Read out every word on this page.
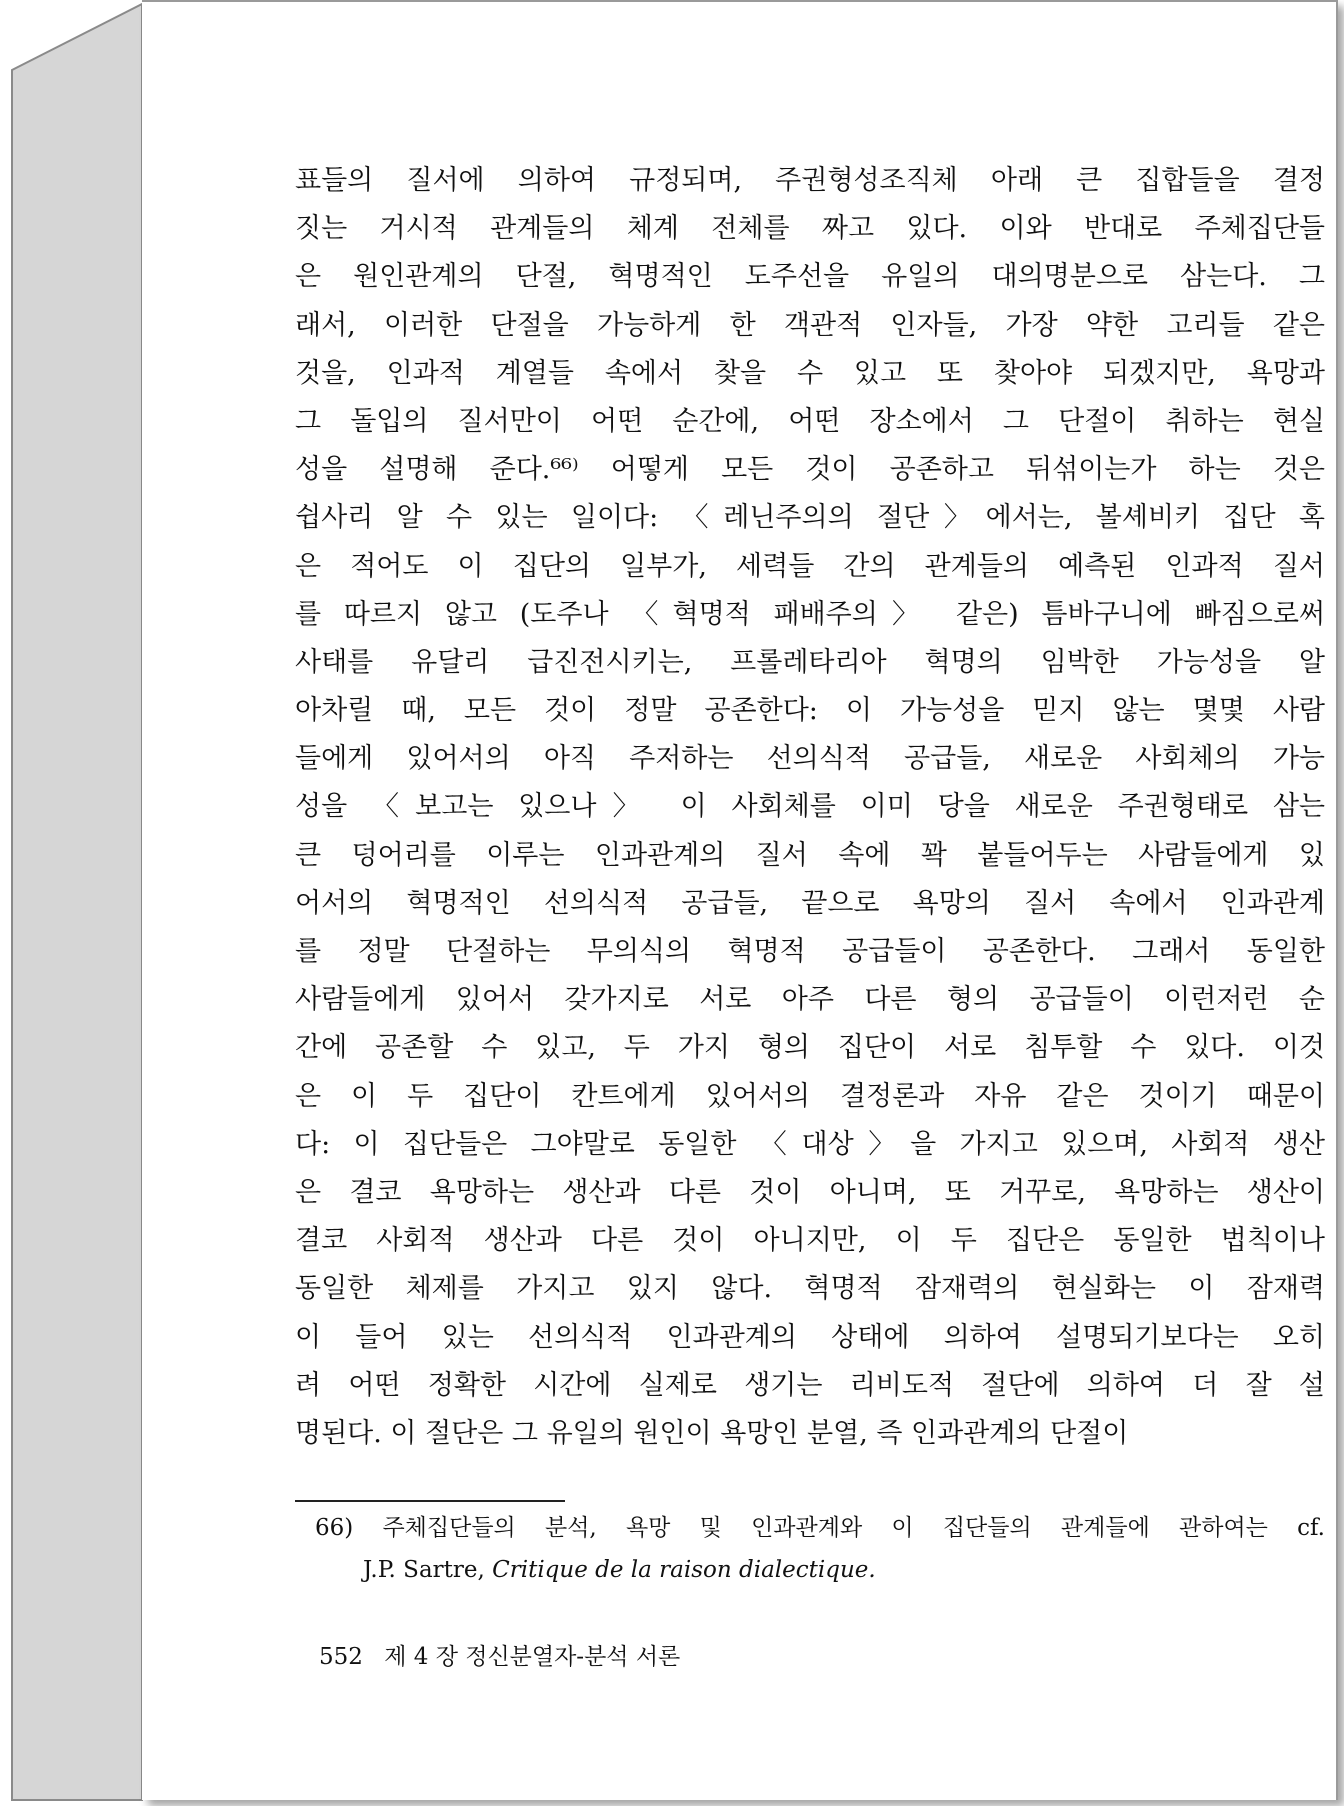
표들의 질서에 의하여 규정되며, 주권형성조직체 아래 큰 집합들을 결정
짓는 거시적 관계들의 체계 전체를 짜고 있다. 이와 반대로 주체집단들
은 원인관계의 단절, 혁명적인 도주선을 유일의 대의명분으로 삼는다. 그
래서, 이러한 단절을 가능하게 한 객관적 인자들, 가장 약한 고리들 같은
것을, 인과적 계열들 속에서 찾을 수 있고 또 찾아야 되겠지만, 욕망과
그 돌입의 질서만이 어떤 순간에, 어떤 장소에서 그 단절이 취하는 현실
성을 설명해 준다.⁶⁶⁾ 어떻게 모든 것이 공존하고 뒤섞이는가 하는 것은
쉽사리 알 수 있는 일이다: 〈레닌주의의 절단〉에서는, 볼셰비키 집단 혹
은 적어도 이 집단의 일부가, 세력들 간의 관계들의 예측된 인과적 질서
를 따르지 않고 (도주나 〈혁명적 패배주의〉 같은) 틈바구니에 빠짐으로써
사태를 유달리 급진전시키는, 프롤레타리아 혁명의 임박한 가능성을 알
아차릴 때, 모든 것이 정말 공존한다: 이 가능성을 믿지 않는 몇몇 사람
들에게 있어서의 아직 주저하는 선의식적 공급들, 새로운 사회체의 가능
성을 〈보고는 있으나〉 이 사회체를 이미 당을 새로운 주권형태로 삼는
큰 덩어리를 이루는 인과관계의 질서 속에 꽉 붙들어두는 사람들에게 있
어서의 혁명적인 선의식적 공급들, 끝으로 욕망의 질서 속에서 인과관계
를 정말 단절하는 무의식의 혁명적 공급들이 공존한다. 그래서 동일한
사람들에게 있어서 갖가지로 서로 아주 다른 형의 공급들이 이런저런 순
간에 공존할 수 있고, 두 가지 형의 집단이 서로 침투할 수 있다. 이것
은 이 두 집단이 칸트에게 있어서의 결정론과 자유 같은 것이기 때문이
다: 이 집단들은 그야말로 동일한 〈대상〉을 가지고 있으며, 사회적 생산
은 결코 욕망하는 생산과 다른 것이 아니며, 또 거꾸로, 욕망하는 생산이
결코 사회적 생산과 다른 것이 아니지만, 이 두 집단은 동일한 법칙이나
동일한 체제를 가지고 있지 않다. 혁명적 잠재력의 현실화는 이 잠재력
이 들어 있는 선의식적 인과관계의 상태에 의하여 설명되기보다는 오히
려 어떤 정확한 시간에 실제로 생기는 리비도적 절단에 의하여 더 잘 설
명된다. 이 절단은 그 유일의 원인이 욕망인 분열, 즉 인과관계의 단절이
66) 주체집단들의 분석, 욕망 및 인과관계와 이 집단들의 관계들에 관하여는 cf.
J.P. Sartre, Critique de la raison dialectique.
552 제 4 장 정신분열자-분석 서론
